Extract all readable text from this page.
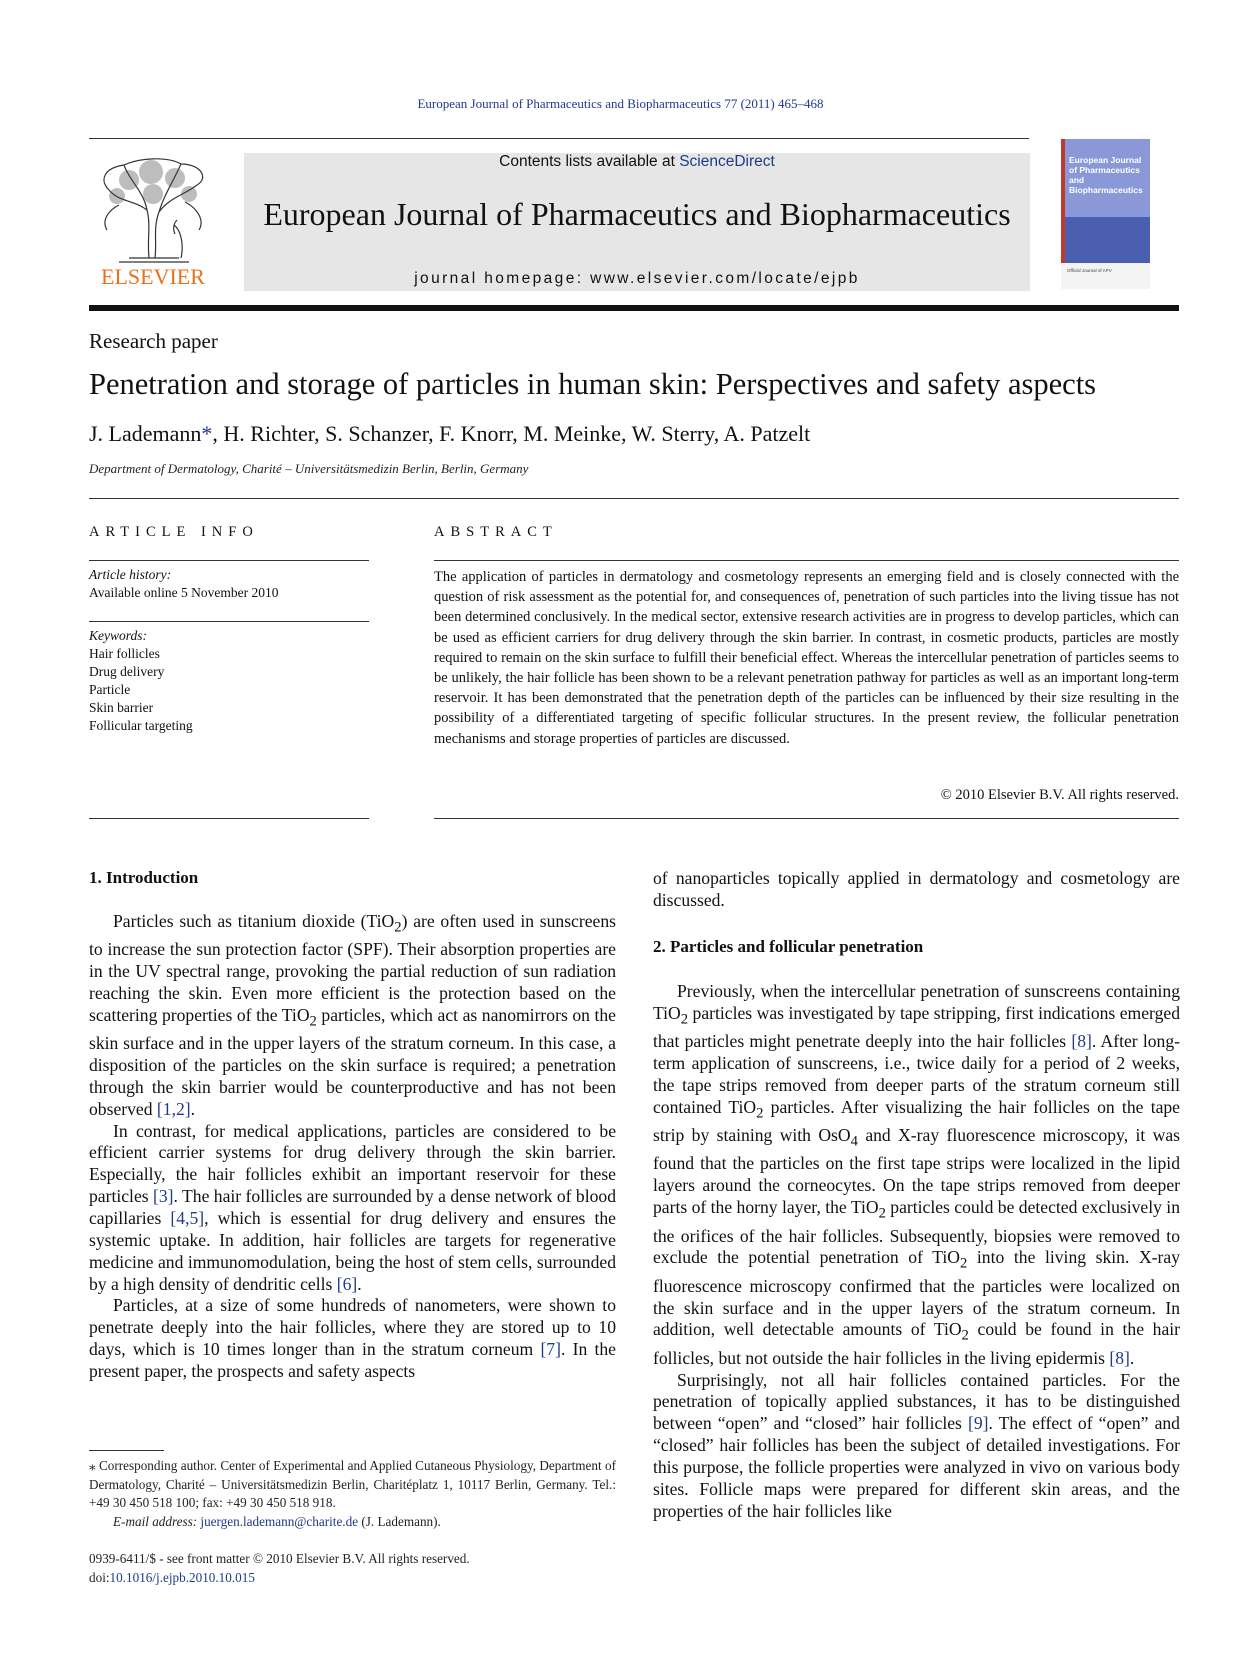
European Journal of Pharmaceutics and Biopharmaceutics 77 (2011) 465–468
ELSEVIER
Contents lists available at ScienceDirect
European Journal of Pharmaceutics and Biopharmaceutics
journal homepage: www.elsevier.com/locate/ejpb
European Journal of Pharmaceutics and Biopharmaceutics
Official Journal of APV
Research paper
Penetration and storage of particles in human skin: Perspectives and safety aspects
J. Lademann*, H. Richter, S. Schanzer, F. Knorr, M. Meinke, W. Sterry, A. Patzelt
Department of Dermatology, Charité – Universitätsmedizin Berlin, Berlin, Germany
ARTICLE INFO
Article history:
Available online 5 November 2010
Keywords:
Hair follicles
Drug delivery
Particle
Skin barrier
Follicular targeting
ABSTRACT
The application of particles in dermatology and cosmetology represents an emerging field and is closely connected with the question of risk assessment as the potential for, and consequences of, penetration of such particles into the living tissue has not been determined conclusively. In the medical sector, extensive research activities are in progress to develop particles, which can be used as efficient carriers for drug delivery through the skin barrier. In contrast, in cosmetic products, particles are mostly required to remain on the skin surface to fulfill their beneficial effect. Whereas the intercellular penetration of particles seems to be unlikely, the hair follicle has been shown to be a relevant penetration pathway for particles as well as an important long-term reservoir. It has been demonstrated that the penetration depth of the particles can be influenced by their size resulting in the possibility of a differentiated targeting of specific follicular structures. In the present review, the follicular penetration mechanisms and storage properties of particles are discussed.
© 2010 Elsevier B.V. All rights reserved.
1. Introduction

Particles such as titanium dioxide (TiO$_2$) are often used in sunscreens to increase the sun protection factor (SPF). Their absorption properties are in the UV spectral range, provoking the partial reduction of sun radiation reaching the skin. Even more efficient is the protection based on the scattering properties of the TiO$_2$ particles, which act as nanomirrors on the skin surface and in the upper layers of the stratum corneum. In this case, a disposition of the particles on the skin surface is required; a penetration through the skin barrier would be counterproductive and has not been observed [1,2].

In contrast, for medical applications, particles are considered to be efficient carrier systems for drug delivery through the skin barrier. Especially, the hair follicles exhibit an important reservoir for these particles [3]. The hair follicles are surrounded by a dense network of blood capillaries [4,5], which is essential for drug delivery and ensures the systemic uptake. In addition, hair follicles are targets for regenerative medicine and immunomodulation, being the host of stem cells, surrounded by a high density of dendritic cells [6].

Particles, at a size of some hundreds of nanometers, were shown to penetrate deeply into the hair follicles, where they are stored up to 10 days, which is 10 times longer than in the stratum corneum [7]. In the present paper, the prospects and safety aspects

of nanoparticles topically applied in dermatology and cosmetology are discussed.

2. Particles and follicular penetration

Previously, when the intercellular penetration of sunscreens containing TiO$_2$ particles was investigated by tape stripping, first indications emerged that particles might penetrate deeply into the hair follicles [8]. After long-term application of sunscreens, i.e., twice daily for a period of 2 weeks, the tape strips removed from deeper parts of the stratum corneum still contained TiO$_2$ particles. After visualizing the hair follicles on the tape strip by staining with OsO$_4$ and X-ray fluorescence microscopy, it was found that the particles on the first tape strips were localized in the lipid layers around the corneocytes. On the tape strips removed from deeper parts of the horny layer, the TiO$_2$ particles could be detected exclusively in the orifices of the hair follicles. Subsequently, biopsies were removed to exclude the potential penetration of TiO$_2$ into the living skin. X-ray fluorescence microscopy confirmed that the particles were localized on the skin surface and in the upper layers of the stratum corneum. In addition, well detectable amounts of TiO$_2$ could be found in the hair follicles, but not outside the hair follicles in the living epidermis [8].

Surprisingly, not all hair follicles contained particles. For the penetration of topically applied substances, it has to be distinguished between “open” and “closed” hair follicles [9]. The effect of “open” and “closed” hair follicles has been the subject of detailed investigations. For this purpose, the follicle properties were analyzed in vivo on various body sites. Follicle maps were prepared for different skin areas, and the properties of the hair follicles like

⁎ Corresponding author. Center of Experimental and Applied Cutaneous Physiology, Department of Dermatology, Charité – Universitätsmedizin Berlin, Charitéplatz 1, 10117 Berlin, Germany. Tel.: +49 30 450 518 100; fax: +49 30 450 518 918.

E-mail address: juergen.lademann@charite.de (J. Lademann).

0939-6411/$ - see front matter © 2010 Elsevier B.V. All rights reserved.
doi:10.1016/j.ejpb.2010.10.015
